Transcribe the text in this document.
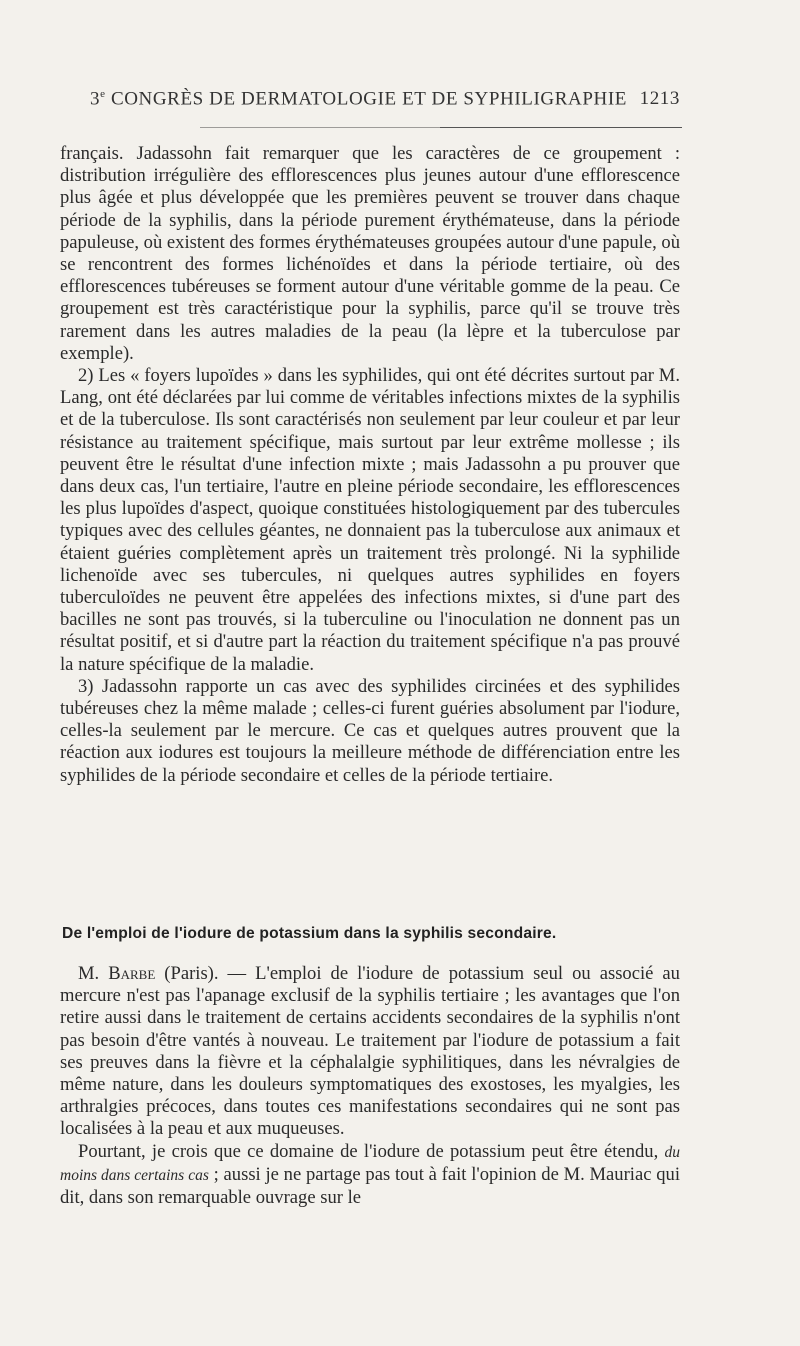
3e CONGRÈS DE DERMATOLOGIE ET DE SYPHILIGRAPHIE 1213

français. Jadassohn fait remarquer que les caractères de ce groupement : distribution irrégulière des efflorescences plus jeunes autour d'une efflorescence plus âgée et plus développée que les premières peuvent se trouver dans chaque période de la syphilis, dans la période purement érythémateuse, dans la période papuleuse, où existent des formes érythémateuses groupées autour d'une papule, où se rencontrent des formes lichénoïdes et dans la période tertiaire, où des efflorescences tubéreuses se forment autour d'une véritable gomme de la peau. Ce groupement est très caractéristique pour la syphilis, parce qu'il se trouve très rarement dans les autres maladies de la peau (la lèpre et la tuberculose par exemple).

2) Les « foyers lupoïdes » dans les syphilides, qui ont été décrites surtout par M. Lang, ont été déclarées par lui comme de véritables infections mixtes de la syphilis et de la tuberculose. Ils sont caractérisés non seulement par leur couleur et par leur résistance au traitement spécifique, mais surtout par leur extrême mollesse ; ils peuvent être le résultat d'une infection mixte ; mais Jadassohn a pu prouver que dans deux cas, l'un tertiaire, l'autre en pleine période secondaire, les efflorescences les plus lupoïdes d'aspect, quoique constituées histologiquement par des tubercules typiques avec des cellules géantes, ne donnaient pas la tuberculose aux animaux et étaient guéries complètement après un traitement très prolongé. Ni la syphilide lichenoïde avec ses tubercules, ni quelques autres syphilides en foyers tuberculoïdes ne peuvent être appelées des infections mixtes, si d'une part des bacilles ne sont pas trouvés, si la tuberculine ou l'inoculation ne donnent pas un résultat positif, et si d'autre part la réaction du traitement spécifique n'a pas prouvé la nature spécifique de la maladie.

3) Jadassohn rapporte un cas avec des syphilides circinées et des syphilides tubéreuses chez la même malade ; celles-ci furent guéries absolument par l'iodure, celles-la seulement par le mercure. Ce cas et quelques autres prouvent que la réaction aux iodures est toujours la meilleure méthode de différenciation entre les syphilides de la période secondaire et celles de la période tertiaire.

De l'emploi de l'iodure de potassium dans la syphilis secondaire.

M. Barbe (Paris). — L'emploi de l'iodure de potassium seul ou associé au mercure n'est pas l'apanage exclusif de la syphilis tertiaire ; les avantages que l'on retire aussi dans le traitement de certains accidents secondaires de la syphilis n'ont pas besoin d'être vantés à nouveau. Le traitement par l'iodure de potassium a fait ses preuves dans la fièvre et la céphalalgie syphilitiques, dans les névralgies de même nature, dans les douleurs symptomatiques des exostoses, les myalgies, les arthralgies précoces, dans toutes ces manifestations secondaires qui ne sont pas localisées à la peau et aux muqueuses.

Pourtant, je crois que ce domaine de l'iodure de potassium peut être étendu, du moins dans certains cas ; aussi je ne partage pas tout à fait l'opinion de M. Mauriac qui dit, dans son remarquable ouvrage sur le
